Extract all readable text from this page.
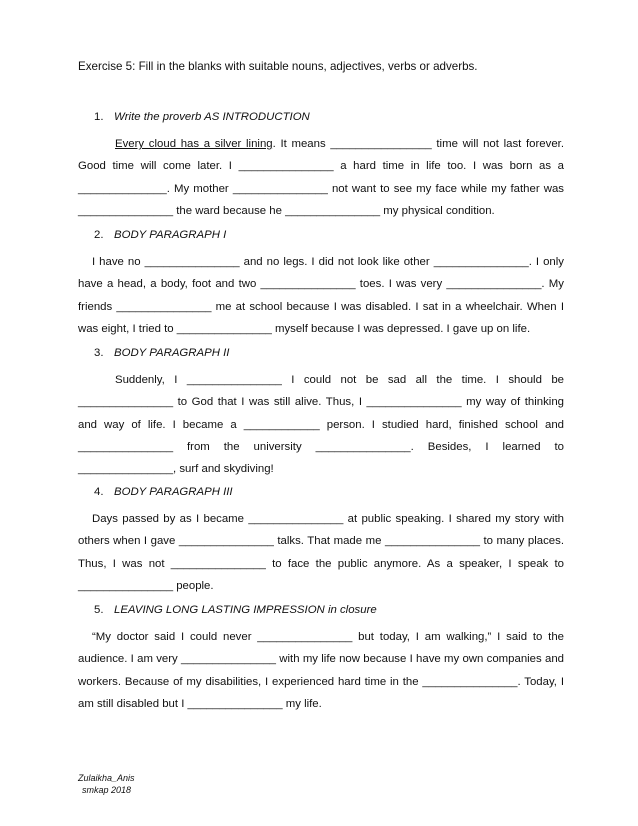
Exercise 5: Fill in the blanks with suitable nouns, adjectives, verbs or adverbs.
1. Write the proverb AS INTRODUCTION

Every cloud has a silver lining. It means ________________ time will not last forever. Good time will come later. I _______________ a hard time in life too. I was born as a ______________. My mother _______________ not want to see my face while my father was _______________ the ward because he _______________ my physical condition.

2. BODY PARAGRAPH I

I have no _______________ and no legs. I did not look like other _______________. I only have a head, a body, foot and two _______________ toes. I was very _______________. My friends _______________ me at school because I was disabled. I sat in a wheelchair. When I was eight, I tried to _______________ myself because I was depressed. I gave up on life.

3. BODY PARAGRAPH II

Suddenly, I _______________ I could not be sad all the time. I should be _______________ to God that I was still alive. Thus, I _______________ my way of thinking and way of life. I became a ____________ person. I studied hard, finished school and _______________ from the university _______________. Besides, I learned to _______________, surf and skydiving!

4. BODY PARAGRAPH III

Days passed by as I became _______________ at public speaking. I shared my story with others when I gave _______________ talks. That made me _______________ to many places. Thus, I was not _______________ to face the public anymore. As a speaker, I speak to _______________ people.

5. LEAVING LONG LASTING IMPRESSION in closure

“My doctor said I could never _______________ but today, I am walking,” I said to the audience. I am very _______________ with my life now because I have my own companies and workers. Because of my disabilities, I experienced hard time in the _______________. Today, I am still disabled but I _______________ my life.

Zulaikha_Anis
smkap 2018
